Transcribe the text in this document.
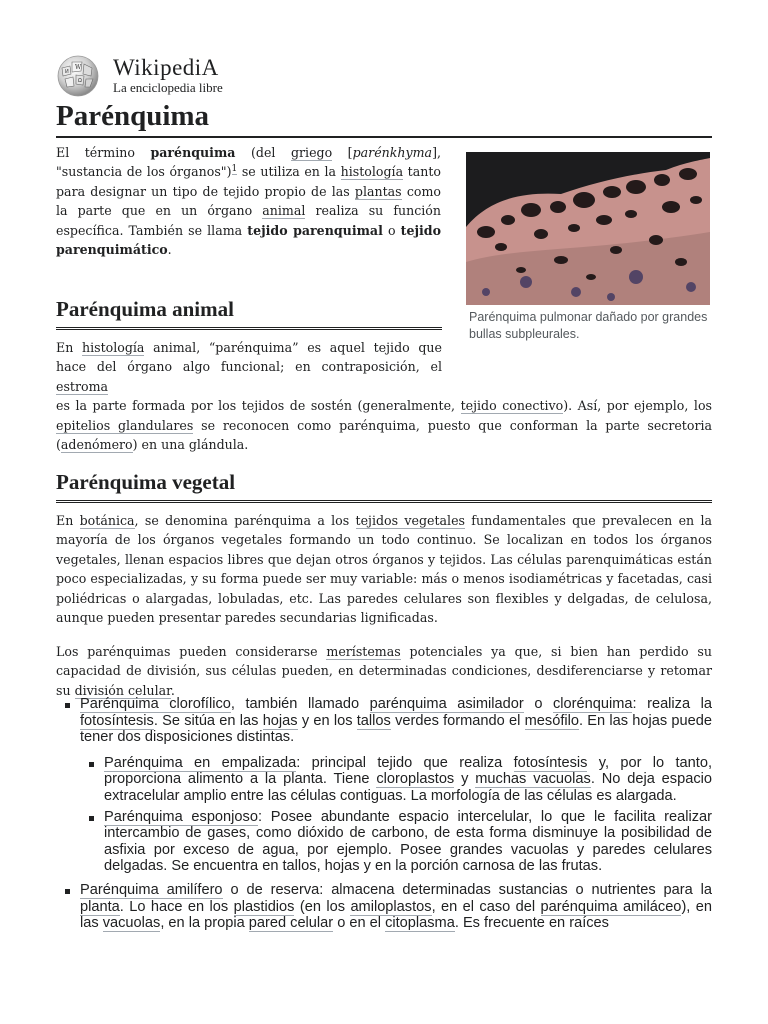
W
Ω
И WikipediA
La enciclopedia libre
Parénquima

El término parénquima (del griego [parénkhyma], "sustancia de los órganos")$^1$ se utiliza en la histología tanto para designar un tipo de tejido propio de las plantas como la parte que en un órgano animal realiza su función específica. También se llama tejido parenquimal o tejido parenquimático.

Parénquima pulmonar dañado por grandes bullas subpleurales.
Parénquima animal

En histología animal, “parénquima” es aquel tejido que hace del órgano algo funcional; en contraposición, el estroma
es la parte formada por los tejidos de sostén (generalmente, tejido conectivo). Así, por ejemplo, los epitelios glandulares se reconocen como parénquima, puesto que conforman la parte secretoria (adenómero) en una glándula.

Parénquima vegetal

En botánica, se denomina parénquima a los tejidos vegetales fundamentales que prevalecen en la mayoría de los órganos vegetales formando un todo continuo. Se localizan en todos los órganos vegetales, llenan espacios libres que dejan otros órganos y tejidos. Las células parenquimáticas están poco especializadas, y su forma puede ser muy variable: más o menos isodiamétricas y facetadas, casi poliédricas o alargadas, lobuladas, etc. Las paredes celulares son flexibles y delgadas, de celulosa, aunque pueden presentar paredes secundarias lignificadas.

Los parénquimas pueden considerarse merístemas potenciales ya que, si bien han perdido su capacidad de división, sus células pueden, en determinadas condiciones, desdiferenciarse y retomar su división celular.

Parénquima clorofílico, también llamado parénquima asimilador o clorénquima: realiza la fotosíntesis. Se sitúa en las hojas y en los tallos verdes formando el mesófilo. En las hojas puede tener dos disposiciones distintas.
Parénquima en empalizada: principal tejido que realiza fotosíntesis y, por lo tanto, proporciona alimento a la planta. Tiene cloroplastos y muchas vacuolas. No deja espacio extracelular amplio entre las células contiguas. La morfología de las células es alargada.
Parénquima esponjoso: Posee abundante espacio intercelular, lo que le facilita realizar intercambio de gases, como dióxido de carbono, de esta forma disminuye la posibilidad de asfixia por exceso de agua, por ejemplo. Posee grandes vacuolas y paredes celulares delgadas. Se encuentra en tallos, hojas y en la porción carnosa de las frutas.
Parénquima amilífero o de reserva: almacena determinadas sustancias o nutrientes para la planta. Lo hace en los plastidios (en los amiloplastos, en el caso del parénquima amiláceo), en las vacuolas, en la propia pared celular o en el citoplasma. Es frecuente en raíces
